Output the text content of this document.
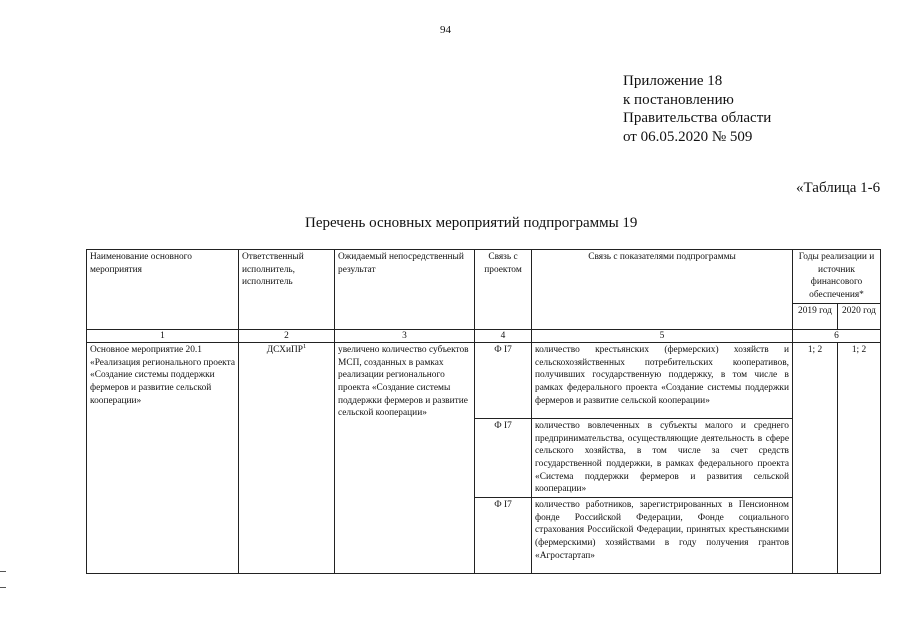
94
Приложение 18
к постановлению
Правительства области
от 06.05.2020 № 509
«Таблица 1-6
Перечень основных мероприятий подпрограммы 19
Наименование основного мероприятия	Ответственный исполнитель, исполнитель	Ожидаемый непосредственный результат	Связь с проектом	Связь с показателями подпрограммы	Годы реализации и источник финансового обеспечения*	
					2019 год	2020 год
1	2	3	4	5	6	
Основное мероприятие 20.1 «Реализация регионального проекта «Создание системы поддержки фермеров и развитие сельской кооперации»	ДСХиПР$^1$	увеличено количество субъектов МСП, созданных в рамках реализации регионального проекта «Создание системы поддержки фермеров и развитие сельской кооперации»	Ф I7	количество крестьянских (фермерских) хозяйств и сельскохозяйственных потребительских кооперативов, получивших государственную поддержку, в том числе в рамках федерального проекта «Создание системы поддержки фермеров и развитие сельской кооперации»	1; 2	1; 2
			Ф I7	количество вовлеченных в субъекты малого и среднего предпринимательства, осуществляющие деятельность в сфере сельского хозяйства, в том числе за счет средств государственной поддержки, в рамках федерального проекта «Система поддержки фермеров и развития сельской кооперации»		
			Ф I7	количество работников, зарегистрированных в Пенсионном фонде Российской Федерации, Фонде социального страхования Российской Федерации, принятых крестьянскими (фермерскими) хозяйствами в году получения грантов «Агростартап»		
